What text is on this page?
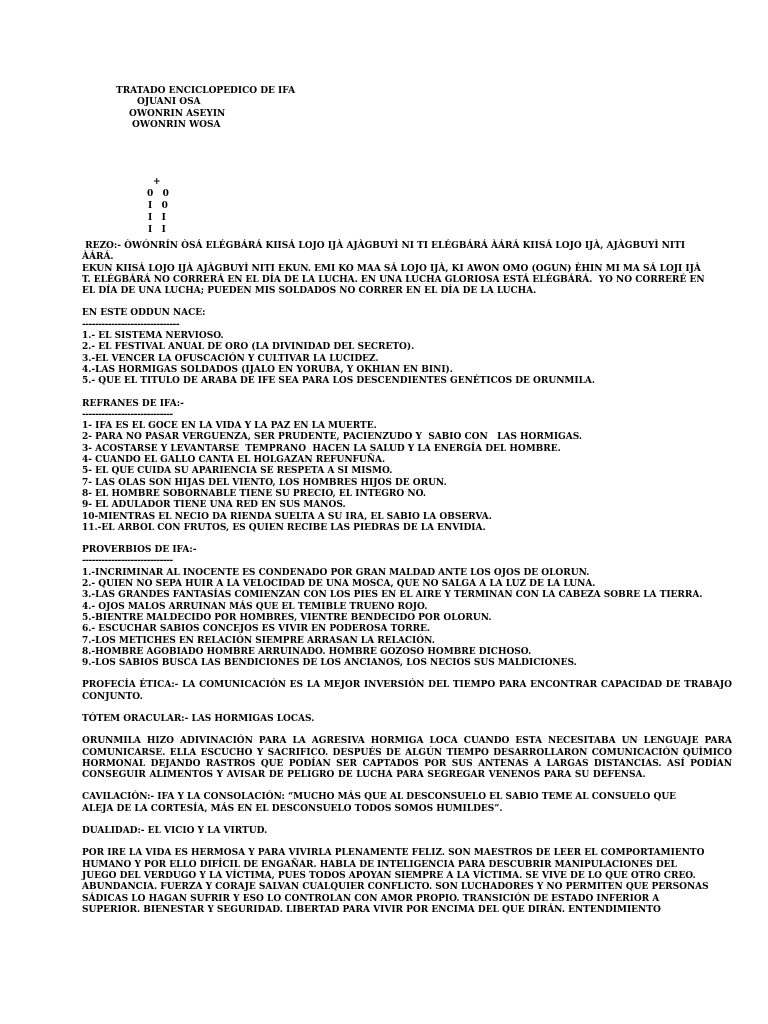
TRATADO ENCICLOPEDICO DE IFA
OJUANI OSA
OWONRIN ASEYIN
OWONRIN WOSA
+
0   0
I   0
I   I
I   I
REZO:- ÒWÓNRÍN ÒSÁ ELÉGBÁRÁ KIISÁ LOJO IJÀ AJÀGBUYÌ NI TI ELÉGBÁRÁ ÀÁRÁ KIISÁ LOJO IJÀ, AJÀGBUYÌ NITI
ÀÁRÁ.
EKUN KIISÁ LOJO IJÀ AJÀGBUYÌ NITI EKUN. EMI KO MAA SÁ LOJO IJÀ, KI AWON OMO (OGUN) ÈHIN MI MA SÁ LOJI IJÀ
T. ELÉGBÁRÁ NO CORRERÁ EN EL DÍA DE LA LUCHA. EN UNA LUCHA GLORIOSA ESTÁ ELÉGBÁRÁ.  YO NO CORRERÉ EN
EL DÍA DE UNA LUCHA; PUEDEN MIS SOLDADOS NO CORRER EN EL DÍA DE LA LUCHA.
EN ESTE ODDUN NACE:
------------------------------
1.- EL SISTEMA NERVIOSO.
2.- EL FESTIVAL ANUAL DE ORO (LA DIVINIDAD DEL SECRETO).
3.-EL VENCER LA OFUSCACIÓN Y CULTIVAR LA LUCIDEZ.
4.-LAS HORMIGAS SOLDADOS (IJALO EN YORUBA, Y OKHIAN EN BINI).
5.- QUE EL TITULO DE ARABA DE IFE SEA PARA LOS DESCENDIENTES GENÉTICOS DE ORUNMILA.
REFRANES DE IFA:-
----------------------------
1- IFA ES EL GOCE EN LA VIDA Y LA PAZ EN LA MUERTE.
2- PARA NO PASAR VERGUENZA, SER PRUDENTE, PACIENZUDO Y  SABIO CON   LAS HORMIGAS.
3- ACOSTARSE Y LEVANTARSE  TEMPRANO  HACEN LA SALUD Y LA ENERGÍA DEL HOMBRE.
4- CUANDO EL GALLO CANTA EL HOLGAZAN REFUNFUÑA.
5- EL QUE CUIDA SU APARIENCIA SE RESPETA A SI MISMO.
7- LAS OLAS SON HIJAS DEL VIENTO, LOS HOMBRES HIJOS DE ORUN.
8- EL HOMBRE SOBORNABLE TIENE SU PRECIO, EL INTEGRO NO.
9- EL ADULADOR TIENE UNA RED EN SUS MANOS.
10-MIENTRAS EL NECIO DA RIENDA SUELTA A SU IRA, EL SABIO LA OBSERVA.
11.-EL ARBOL CON FRUTOS, ES QUIEN RECIBE LAS PIEDRAS DE LA ENVIDIA.
PROVERBIOS DE IFA:-
----------------------------
1.-INCRIMINAR AL INOCENTE ES CONDENADO POR GRAN MALDAD ANTE LOS OJOS DE OLORUN.
2.- QUIEN NO SEPA HUIR A LA VELOCIDAD DE UNA MOSCA, QUE NO SALGA A LA LUZ DE LA LUNA.
3.-LAS GRANDES FANTASÍAS COMIENZAN CON LOS PIES EN EL AIRE Y TERMINAN CON LA CABEZA SOBRE LA TIERRA.
4.- OJOS MALOS ARRUINAN MÁS QUE EL TEMIBLE TRUENO ROJO.
5.-BIENTRE MALDECIDO POR HOMBRES, VIENTRE BENDECIDO POR OLORUN.
6.- ESCUCHAR SABIOS CONCEJOS ES VIVIR EN PODEROSA TORRE.
7.-LOS METICHES EN RELACIÓN SIEMPRE ARRASAN LA RELACIÓN.
8.-HOMBRE AGOBIADO HOMBRE ARRUINADO. HOMBRE GOZOSO HOMBRE DICHOSO.
9.-LOS SABIOS BUSCA LAS BENDICIONES DE LOS ANCIANOS, LOS NECIOS SUS MALDICIONES.
PROFECÍA ÉTICA:- LA COMUNICACIÓN ES LA MEJOR INVERSIÓN DEL TIEMPO PARA ENCONTRAR CAPACIDAD DE TRABAJO CONJUNTO.
TÓTEM ORACULAR:- LAS HORMIGAS LOCAS.
ORUNMILA HIZO ADIVINACIÓN PARA LA AGRESIVA HORMIGA LOCA CUANDO ESTA NECESITABA UN LENGUAJE PARA COMUNICARSE. ELLA ESCUCHO Y SACRIFICO. DESPUÉS DE ALGÚN TIEMPO DESARROLLARON COMUNICACIÓN QUÍMICO HORMONAL DEJANDO RASTROS QUE PODÍAN SER CAPTADOS POR SUS ANTENAS A LARGAS DISTANCIAS. ASÍ PODÍAN CONSEGUIR ALIMENTOS Y AVISAR DE PELIGRO DE LUCHA PARA SEGREGAR VENENOS PARA SU DEFENSA.
CAVILACIÓN:- IFA Y LA CONSOLACIÓN: “MUCHO MÁS QUE AL DESCONSUELO EL SABIO TEME AL CONSUELO QUE
ALEJA DE LA CORTESÍA, MÁS EN EL DESCONSUELO TODOS SOMOS HUMILDES”.
DUALIDAD:- EL VICIO Y LA VIRTUD.
POR IRE LA VIDA ES HERMOSA Y PARA VIVIRLA PLENAMENTE FELIZ. SON MAESTROS DE LEER EL COMPORTAMIENTO
HUMANO Y POR ELLO DIFÍCIL DE ENGAÑAR. HABLA DE INTELIGENCIA PARA DESCUBRIR MANIPULACIONES DEL
JUEGO DEL VERDUGO Y LA VÍCTIMA, PUES TODOS APOYAN SIEMPRE A LA VÍCTIMA. SE VIVE DE LO QUE OTRO CREO.
ABUNDANCIA. FUERZA Y CORAJE SALVAN CUALQUIER CONFLICTO. SON LUCHADORES Y NO PERMITEN QUE PERSONAS
SÁDICAS LO HAGAN SUFRIR Y ESO LO CONTROLAN CON AMOR PROPIO. TRANSICIÓN DE ESTADO INFERIOR A
SUPERIOR. BIENESTAR Y SEGURIDAD. LIBERTAD PARA VIVIR POR ENCIMA DEL QUE DIRÁN. ENTENDIMIENTO
